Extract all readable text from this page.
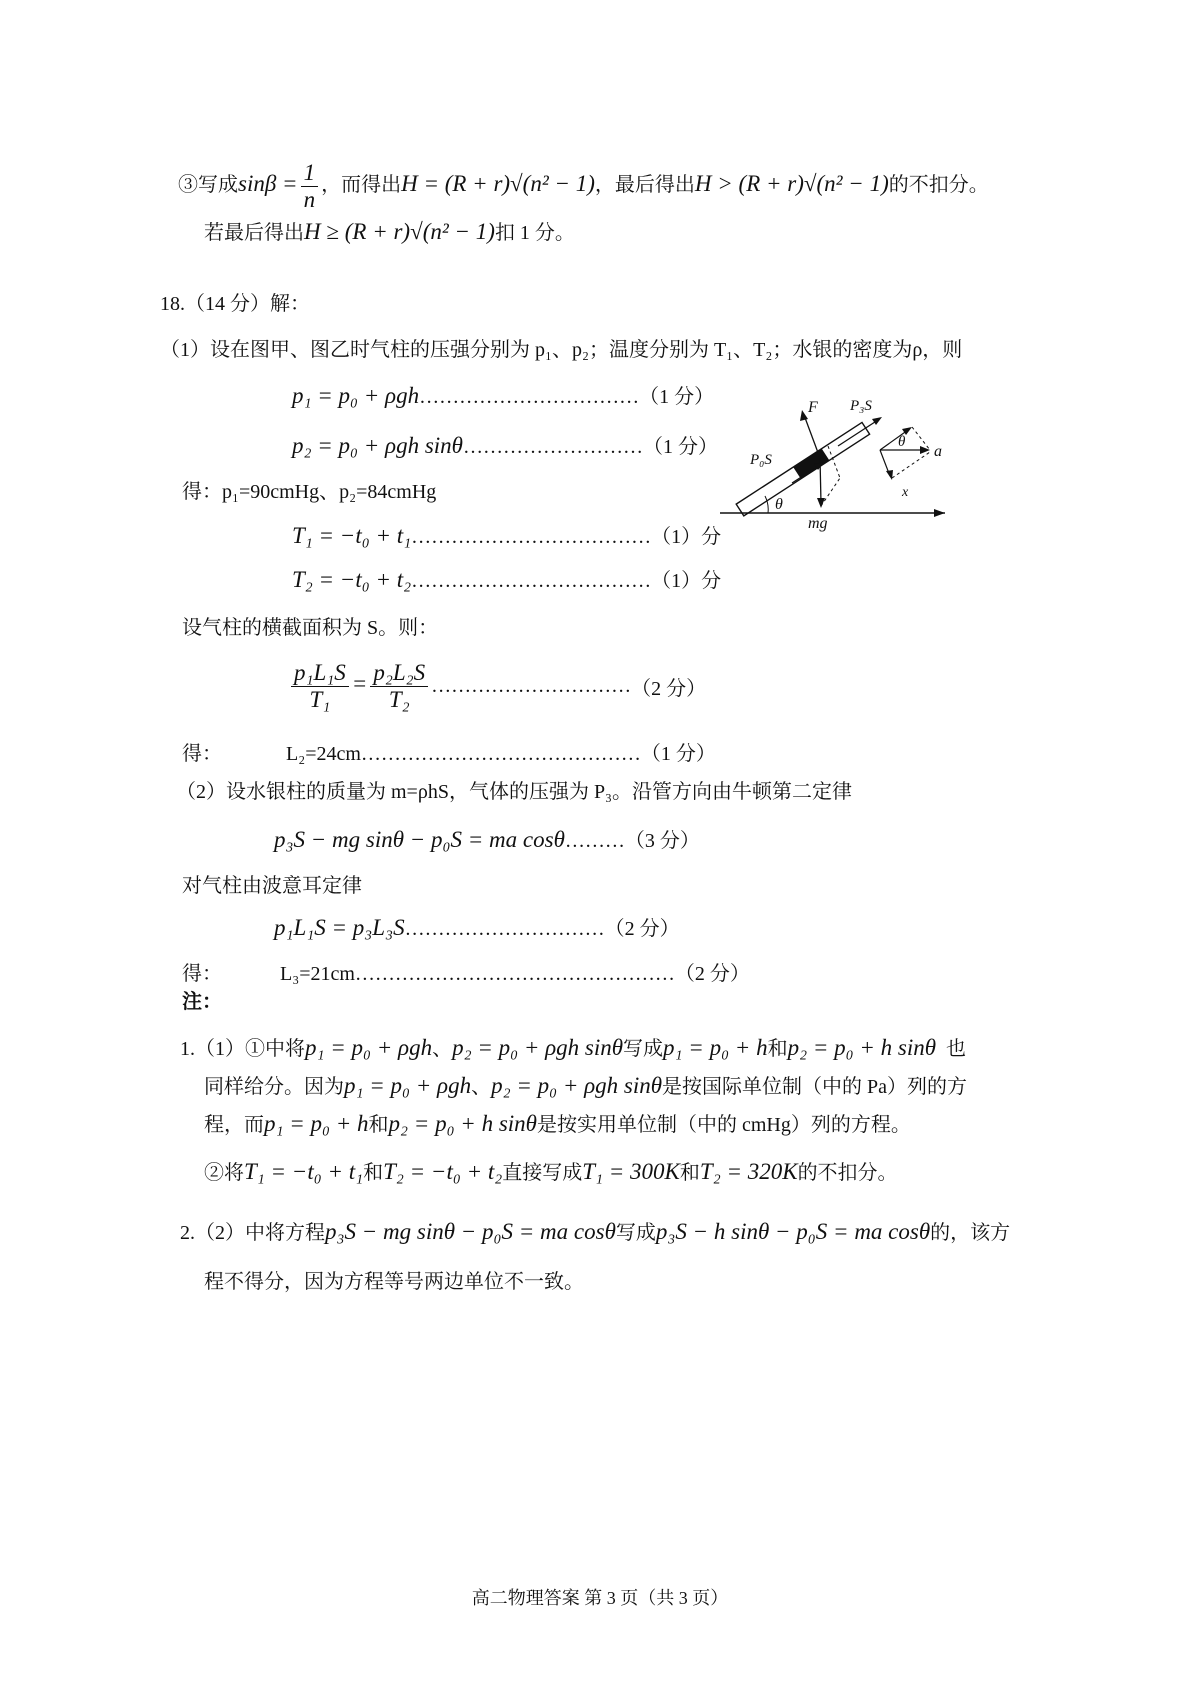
③写成$\sin\beta = \frac{1}{n}$ ，而得出H = (R + r)√(n² − 1)，最后得出H > (R + r)√(n² − 1)的不扣分。
若最后得出H ≥ (R + r)√(n² − 1)扣 1 分。
18.（14 分）解：
（1）设在图甲、图乙时气柱的压强分别为 p₁、p₂；温度分别为 T₁、T₂；水银的密度为ρ，则
p₁ = p₀ + ρgh……………………………（1 分）
p₂ = p₀ + ρgh sinθ………………………（1 分）
得：p₁=90cmHg、p₂=84cmHg
T₁ = −t₀ + t₁………………………………（1）分
T₂ = −t₀ + t₂………………………………（1）分
设气柱的横截面积为 S。则：
$\frac{\text{p₁L₁S}}{\text{T₁}} = \frac{\text{p₂L₂S}}{\text{T₂}}$ …………………………（2 分）
得：	L₂=24cm……………………………………（1 分）
（2）设水银柱的质量为 m=ρhS，气体的压强为 P₃。沿管方向由牛顿第二定律
p₃S − mg sinθ − p₀S = ma cosθ………（3 分）
对气柱由波意耳定律
p₁L₁S = p₃L₃S…………………………（2 分）
得：	L₃=21cm…………………………………………（2 分）
θ
F P₃S
P₀S
mg
a
θ
x
注：
1.（1）①中将p₁ = p₀ + ρgh、p₂ = p₀ + ρgh sinθ写成p₁ = p₀ + h和p₂ = p₀ + h sinθ 也
同样给分。因为p₁ = p₀ + ρgh、p₂ = p₀ + ρgh sinθ是按国际单位制（中的 Pa）列的方
程，而p₁ = p₀ + h和p₂ = p₀ + h sinθ是按实用单位制（中的 cmHg）列的方程。
②将T₁ = −t₀ + t₁和T₂ = −t₀ + t₂直接写成T₁ = 300K和T₂ = 320K的不扣分。
2.（2）中将方程p₃S − mg sinθ − p₀S = ma cosθ写成p₃S − h sinθ − p₀S = ma cosθ的，该方
程不得分，因为方程等号两边单位不一致。
高二物理答案 第 3 页（共 3 页）
